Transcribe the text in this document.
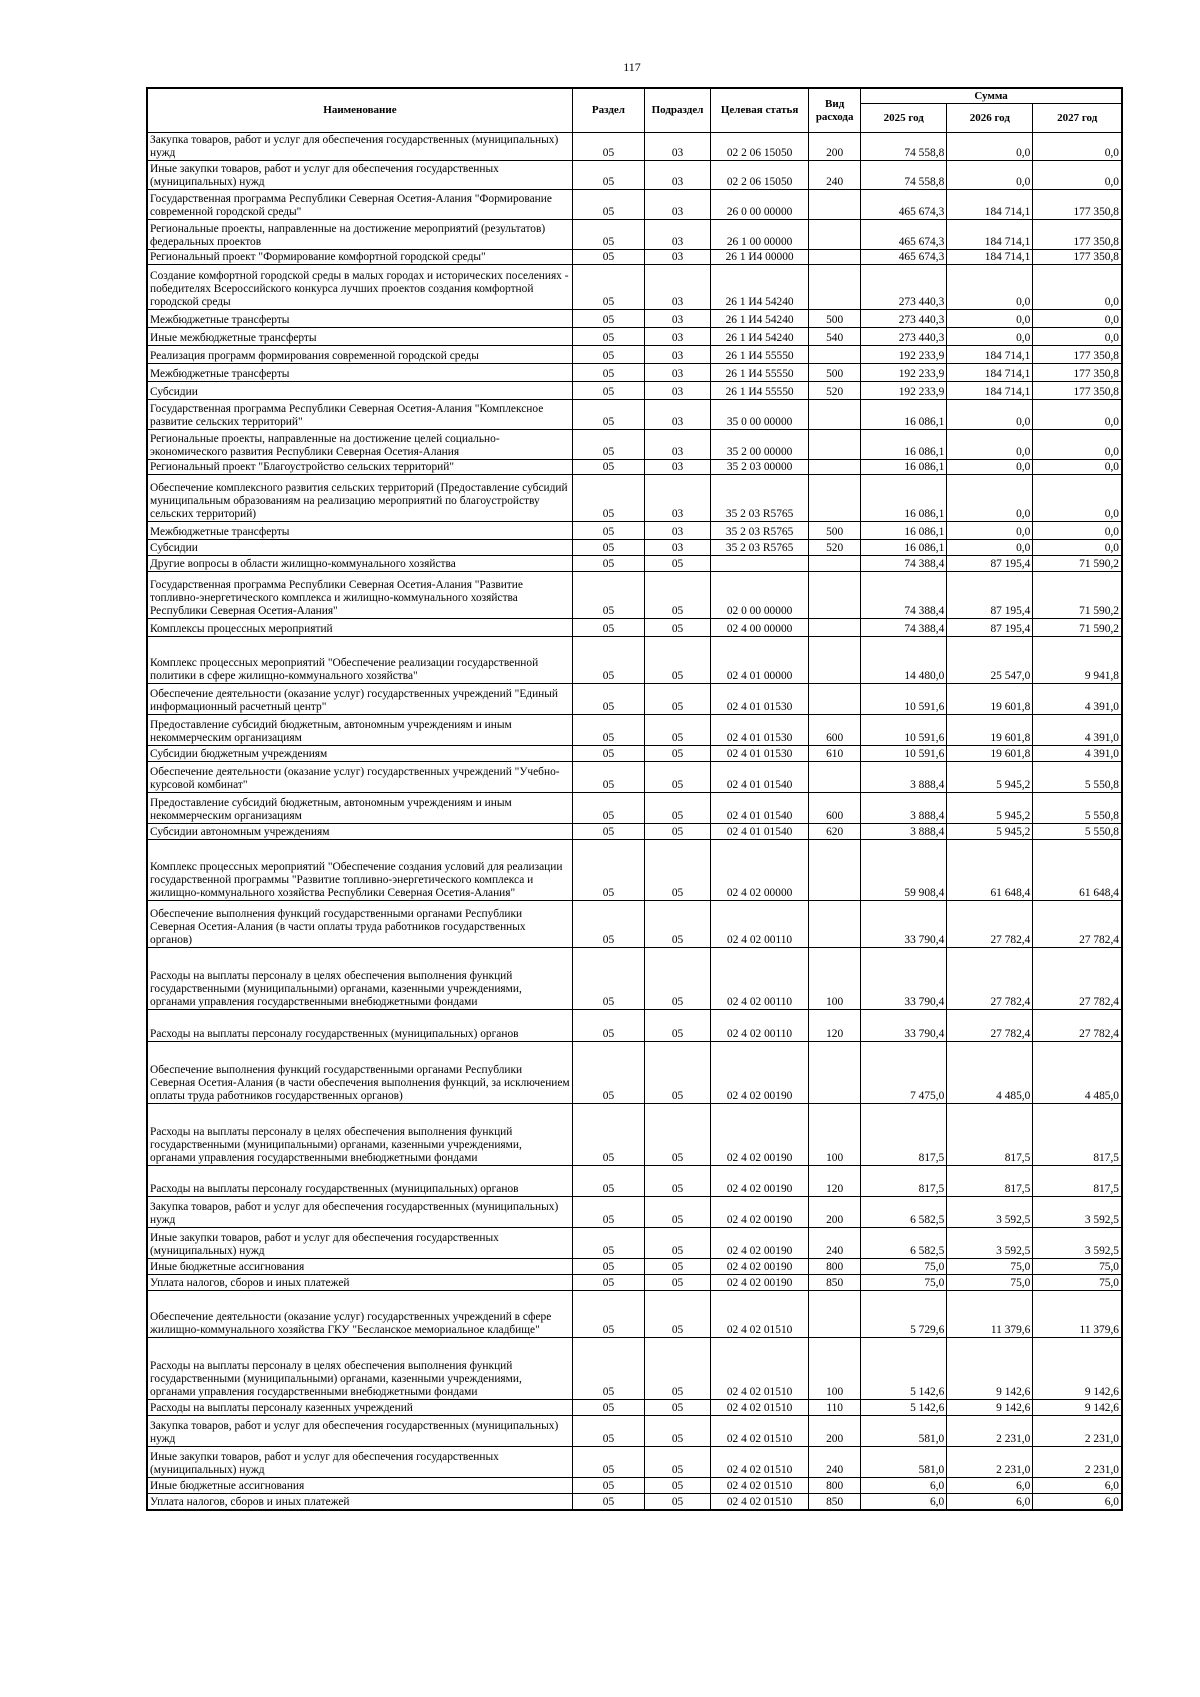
117
Наименование	Раздел	Подраздел	Целевая статья	Вид расхода	Сумма		
					2025 год	2026 год	2027 год
Закупка товаров, работ и услуг для обеспечения государственных (муниципальных) нужд	05	03	02 2 06 15050	200	74 558,8	0,0	0,0
Иные закупки товаров, работ и услуг для обеспечения государственных (муниципальных) нужд	05	03	02 2 06 15050	240	74 558,8	0,0	0,0
Государственная программа Республики Северная Осетия-Алания "Формирование современной городской среды"	05	03	26 0 00 00000		465 674,3	184 714,1	177 350,8
Региональные проекты, направленные на достижение мероприятий (результатов) федеральных проектов	05	03	26 1 00 00000		465 674,3	184 714,1	177 350,8
Региональный проект "Формирование комфортной городской среды"	05	03	26 1 И4 00000		465 674,3	184 714,1	177 350,8
Создание комфортной городской среды в малых городах и исторических поселениях - победителях Всероссийского конкурса лучших проектов создания комфортной городской среды	05	03	26 1 И4 54240		273 440,3	0,0	0,0
Межбюджетные трансферты	05	03	26 1 И4 54240	500	273 440,3	0,0	0,0
Иные межбюджетные трансферты	05	03	26 1 И4 54240	540	273 440,3	0,0	0,0
Реализация программ формирования современной городской среды	05	03	26 1 И4 55550		192 233,9	184 714,1	177 350,8
Межбюджетные трансферты	05	03	26 1 И4 55550	500	192 233,9	184 714,1	177 350,8
Субсидии	05	03	26 1 И4 55550	520	192 233,9	184 714,1	177 350,8
Государственная программа Республики Северная Осетия-Алания "Комплексное развитие сельских территорий"	05	03	35 0 00 00000		16 086,1	0,0	0,0
Региональные проекты, направленные на достижение целей социально-экономического развития Республики Северная Осетия-Алания	05	03	35 2 00 00000		16 086,1	0,0	0,0
Региональный проект "Благоустройство сельских территорий"	05	03	35 2 03 00000		16 086,1	0,0	0,0
Обеспечение комплексного развития сельских территорий (Предоставление субсидий муниципальным образованиям на реализацию мероприятий по благоустройству сельских территорий)	05	03	35 2 03 R5765		16 086,1	0,0	0,0
Межбюджетные трансферты	05	03	35 2 03 R5765	500	16 086,1	0,0	0,0
Субсидии	05	03	35 2 03 R5765	520	16 086,1	0,0	0,0
Другие вопросы в области жилищно-коммунального хозяйства	05	05			74 388,4	87 195,4	71 590,2
Государственная программа Республики Северная Осетия-Алания "Развитие топливно-энергетического комплекса и жилищно-коммунального хозяйства Республики Северная Осетия-Алания"	05	05	02 0 00 00000		74 388,4	87 195,4	71 590,2
Комплексы процессных мероприятий	05	05	02 4 00 00000		74 388,4	87 195,4	71 590,2
Комплекс процессных мероприятий "Обеспечение реализации государственной политики в сфере жилищно-коммунального хозяйства"	05	05	02 4 01 00000		14 480,0	25 547,0	9 941,8
Обеспечение деятельности (оказание услуг) государственных учреждений "Единый информационный расчетный центр"	05	05	02 4 01 01530		10 591,6	19 601,8	4 391,0
Предоставление субсидий бюджетным, автономным учреждениям и иным некоммерческим организациям	05	05	02 4 01 01530	600	10 591,6	19 601,8	4 391,0
Субсидии бюджетным учреждениям	05	05	02 4 01 01530	610	10 591,6	19 601,8	4 391,0
Обеспечение деятельности (оказание услуг) государственных учреждений "Учебно-курсовой комбинат"	05	05	02 4 01 01540		3 888,4	5 945,2	5 550,8
Предоставление субсидий бюджетным, автономным учреждениям и иным некоммерческим организациям	05	05	02 4 01 01540	600	3 888,4	5 945,2	5 550,8
Субсидии автономным учреждениям	05	05	02 4 01 01540	620	3 888,4	5 945,2	5 550,8
Комплекс процессных мероприятий "Обеспечение создания условий для реализации государственной программы "Развитие топливно-энергетического комплекса и жилищно-коммунального хозяйства Республики Северная Осетия-Алания"	05	05	02 4 02 00000		59 908,4	61 648,4	61 648,4
Обеспечение выполнения функций государственными органами Республики Северная Осетия-Алания (в части оплаты труда работников государственных органов)	05	05	02 4 02 00110		33 790,4	27 782,4	27 782,4
Расходы на выплаты персоналу в целях обеспечения выполнения функций государственными (муниципальными) органами, казенными учреждениями, органами управления государственными внебюджетными фондами	05	05	02 4 02 00110	100	33 790,4	27 782,4	27 782,4
Расходы на выплаты персоналу государственных (муниципальных) органов	05	05	02 4 02 00110	120	33 790,4	27 782,4	27 782,4
Обеспечение выполнения функций государственными органами Республики Северная Осетия-Алания (в части обеспечения выполнения функций, за исключением оплаты труда работников государственных органов)	05	05	02 4 02 00190		7 475,0	4 485,0	4 485,0
Расходы на выплаты персоналу в целях обеспечения выполнения функций государственными (муниципальными) органами, казенными учреждениями, органами управления государственными внебюджетными фондами	05	05	02 4 02 00190	100	817,5	817,5	817,5
Расходы на выплаты персоналу государственных (муниципальных) органов	05	05	02 4 02 00190	120	817,5	817,5	817,5
Закупка товаров, работ и услуг для обеспечения государственных (муниципальных) нужд	05	05	02 4 02 00190	200	6 582,5	3 592,5	3 592,5
Иные закупки товаров, работ и услуг для обеспечения государственных (муниципальных) нужд	05	05	02 4 02 00190	240	6 582,5	3 592,5	3 592,5
Иные бюджетные ассигнования	05	05	02 4 02 00190	800	75,0	75,0	75,0
Уплата налогов, сборов и иных платежей	05	05	02 4 02 00190	850	75,0	75,0	75,0
Обеспечение деятельности (оказание услуг) государственных учреждений в сфере жилищно-коммунального хозяйства ГКУ "Бесланское мемориальное кладбище"	05	05	02 4 02 01510		5 729,6	11 379,6	11 379,6
Расходы на выплаты персоналу в целях обеспечения выполнения функций государственными (муниципальными) органами, казенными учреждениями, органами управления государственными внебюджетными фондами	05	05	02 4 02 01510	100	5 142,6	9 142,6	9 142,6
Расходы на выплаты персоналу казенных учреждений	05	05	02 4 02 01510	110	5 142,6	9 142,6	9 142,6
Закупка товаров, работ и услуг для обеспечения государственных (муниципальных) нужд	05	05	02 4 02 01510	200	581,0	2 231,0	2 231,0
Иные закупки товаров, работ и услуг для обеспечения государственных (муниципальных) нужд	05	05	02 4 02 01510	240	581,0	2 231,0	2 231,0
Иные бюджетные ассигнования	05	05	02 4 02 01510	800	6,0	6,0	6,0
Уплата налогов, сборов и иных платежей	05	05	02 4 02 01510	850	6,0	6,0	6,0
